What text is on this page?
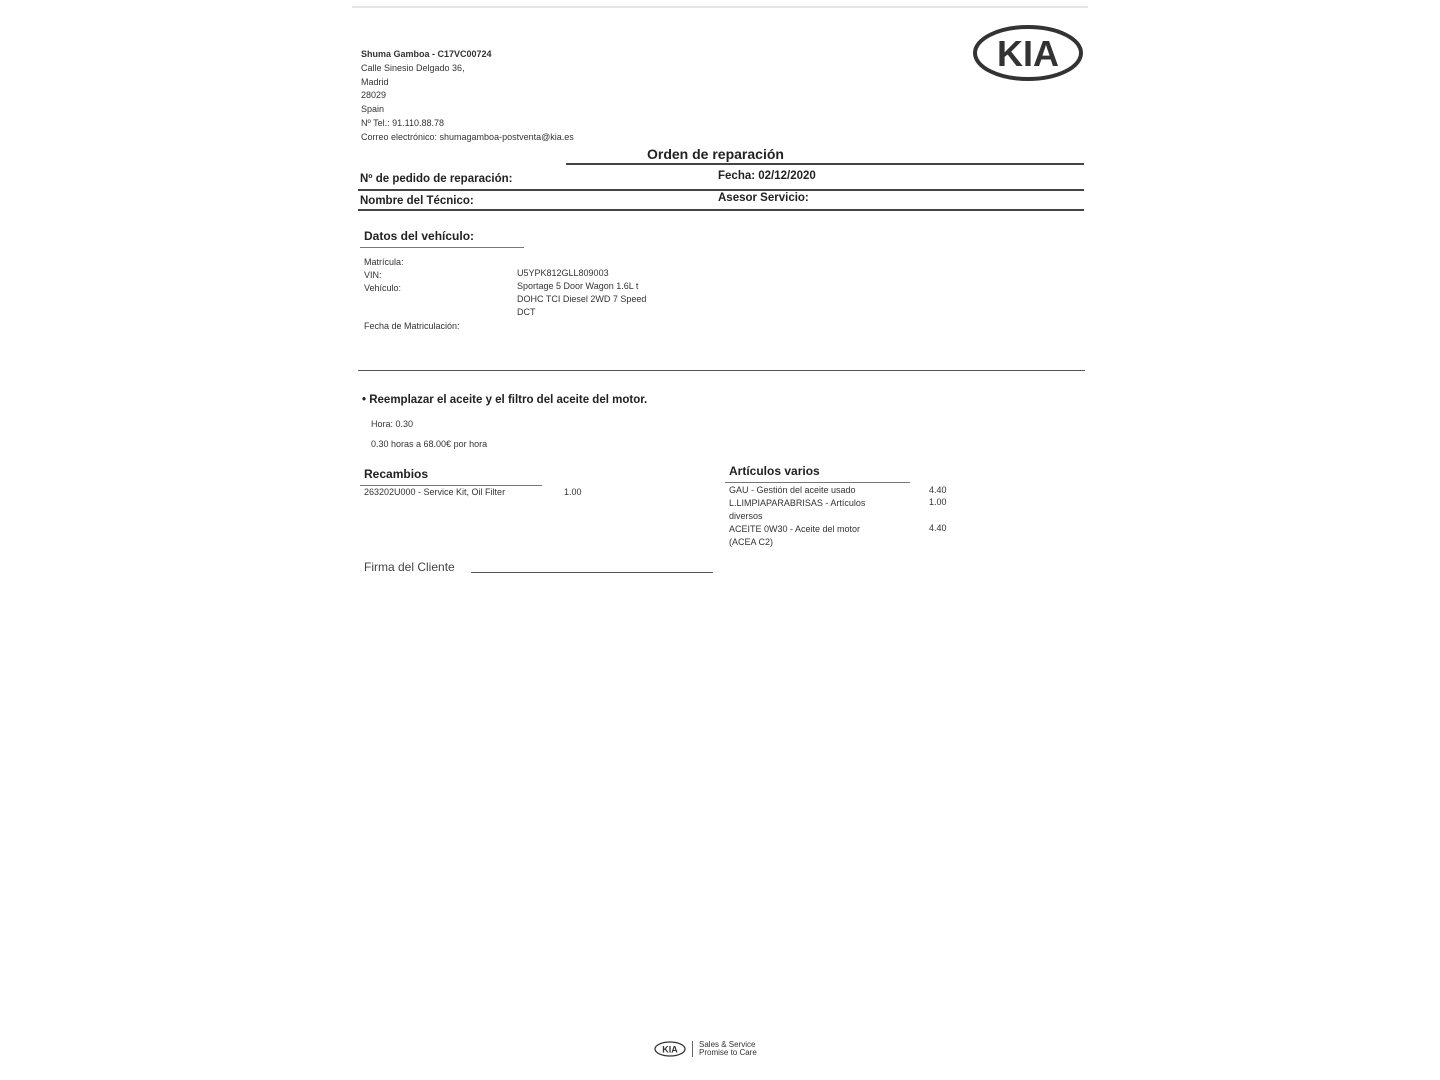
Shuma Gamboa - C17VC00724
Calle Sinesio Delgado 36,
Madrid
28029
Spain
Nº Tel.: 91.110.88.78
Correo electrónico: shumagamboa-postventa@kia.es
KIA
Orden de reparación
Nº de pedido de reparación:	Fecha: 02/12/2020
Nombre del Técnico:	Asesor Servicio:
Datos del vehículo:
Matrícula:
VIN:	U5YPK812GLL809003
Vehículo:	Sportage 5 Door Wagon 1.6L t
DOHC TCI Diesel 2WD 7 Speed
DCT
Fecha de Matriculación:
• Reemplazar el aceite y el filtro del aceite del motor.
Hora: 0.30
0.30 horas a 68.00€ por hora
Recambios
263202U000 - Service Kit, Oil Filter	1.00
Artículos varios
GAU - Gestión del aceite usado	4.40
L.LIMPIAPARABRISAS - Artículos diversos
1.00
ACEITE 0W30 - Aceite del motor (ACEA C2)
4.40
Firma del Cliente
KIA	Sales & Service
Promise to Care
